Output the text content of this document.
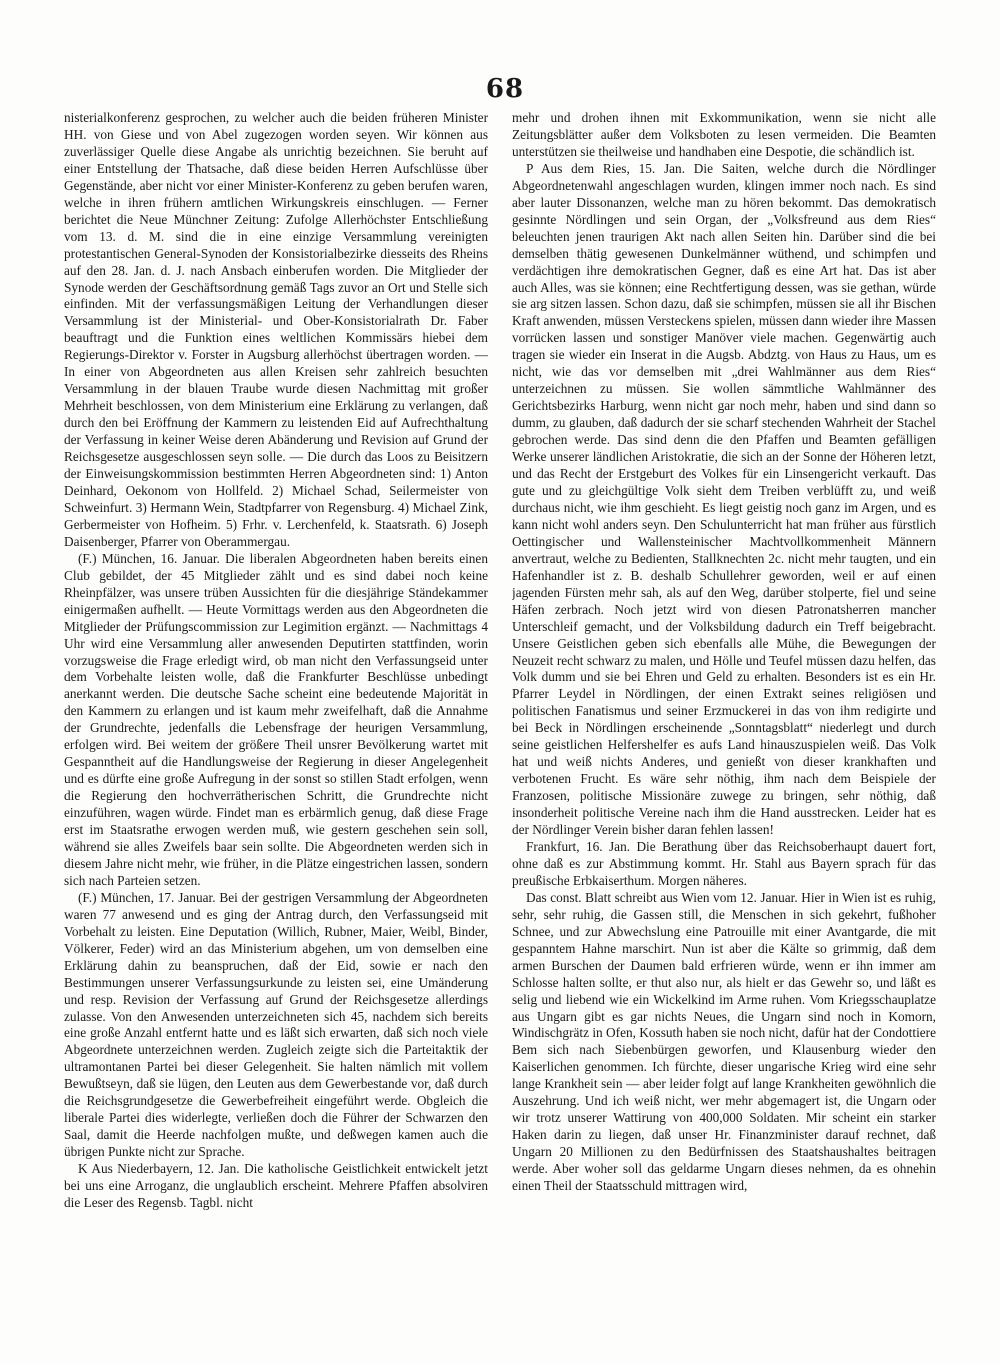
68

nisterialkonferenz gesprochen, zu welcher auch die beiden früheren Minister HH. von Giese und von Abel zugezogen worden seyen. Wir können aus zuverlässiger Quelle diese Angabe als unrichtig bezeichnen. Sie beruht auf einer Entstellung der Thatsache, daß diese beiden Herren Aufschlüsse über Gegenstände, aber nicht vor einer Minister-Konferenz zu geben berufen waren, welche in ihren frühern amtlichen Wirkungskreis einschlugen. — Ferner berichtet die Neue Münchner Zeitung: Zufolge Allerhöchster Entschließung vom 13. d. M. sind die in eine einzige Versammlung vereinigten protestantischen General-Synoden der Konsistorialbezirke diesseits des Rheins auf den 28. Jan. d. J. nach Ansbach einberufen worden. Die Mitglieder der Synode werden der Geschäftsordnung gemäß Tags zuvor an Ort und Stelle sich einfinden. Mit der verfassungsmäßigen Leitung der Verhandlungen dieser Versammlung ist der Ministerial- und Ober-Konsistorialrath Dr. Faber beauftragt und die Funktion eines weltlichen Kommissärs hiebei dem Regierungs-Direktor v. Forster in Augsburg allerhöchst übertragen worden. — In einer von Abgeordneten aus allen Kreisen sehr zahlreich besuchten Versammlung in der blauen Traube wurde diesen Nachmittag mit großer Mehrheit beschlossen, von dem Ministerium eine Erklärung zu verlangen, daß durch den bei Eröffnung der Kammern zu leistenden Eid auf Aufrechthaltung der Verfassung in keiner Weise deren Abänderung und Revision auf Grund der Reichsgesetze ausgeschlossen seyn solle. — Die durch das Loos zu Beisitzern der Einweisungskommission bestimmten Herren Abgeordneten sind: 1) Anton Deinhard, Oekonom von Hollfeld. 2) Michael Schad, Seilermeister von Schweinfurt. 3) Hermann Wein, Stadtpfarrer von Regensburg. 4) Michael Zink, Gerbermeister von Hofheim. 5) Frhr. v. Lerchenfeld, k. Staatsrath. 6) Joseph Daisenberger, Pfarrer von Oberammergau.

(F.) München, 16. Januar. Die liberalen Abgeordneten haben bereits einen Club gebildet, der 45 Mitglieder zählt und es sind dabei noch keine Rheinpfälzer, was unsere trüben Aussichten für die diesjährige Ständekammer einigermaßen aufhellt. — Heute Vormittags werden aus den Abgeordneten die Mitglieder der Prüfungscommission zur Legimition ergänzt. — Nachmittags 4 Uhr wird eine Versammlung aller anwesenden Deputirten stattfinden, worin vorzugsweise die Frage erledigt wird, ob man nicht den Verfassungseid unter dem Vorbehalte leisten wolle, daß die Frankfurter Beschlüsse unbedingt anerkannt werden. Die deutsche Sache scheint eine bedeutende Majorität in den Kammern zu erlangen und ist kaum mehr zweifelhaft, daß die Annahme der Grundrechte, jedenfalls die Lebensfrage der heurigen Versammlung, erfolgen wird. Bei weitem der größere Theil unsrer Bevölkerung wartet mit Gespanntheit auf die Handlungsweise der Regierung in dieser Angelegenheit und es dürfte eine große Aufregung in der sonst so stillen Stadt erfolgen, wenn die Regierung den hochverrätherischen Schritt, die Grundrechte nicht einzuführen, wagen würde. Findet man es erbärmlich genug, daß diese Frage erst im Staatsrathe erwogen werden muß, wie gestern geschehen sein soll, während sie alles Zweifels baar sein sollte. Die Abgeordneten werden sich in diesem Jahre nicht mehr, wie früher, in die Plätze eingestrichen lassen, sondern sich nach Parteien setzen.

(F.) München, 17. Januar. Bei der gestrigen Versammlung der Abgeordneten waren 77 anwesend und es ging der Antrag durch, den Verfassungseid mit Vorbehalt zu leisten. Eine Deputation (Willich, Rubner, Maier, Weibl, Binder, Völkerer, Feder) wird an das Ministerium abgehen, um von demselben eine Erklärung dahin zu beanspruchen, daß der Eid, sowie er nach den Bestimmungen unserer Verfassungsurkunde zu leisten sei, eine Umänderung und resp. Revision der Verfassung auf Grund der Reichsgesetze allerdings zulasse. Von den Anwesenden unterzeichneten sich 45, nachdem sich bereits eine große Anzahl entfernt hatte und es läßt sich erwarten, daß sich noch viele Abgeordnete unterzeichnen werden. Zugleich zeigte sich die Parteitaktik der ultramontanen Partei bei dieser Gelegenheit. Sie halten nämlich mit vollem Bewußtseyn, daß sie lügen, den Leuten aus dem Gewerbestande vor, daß durch die Reichsgrundgesetze die Gewerbefreiheit eingeführt werde. Obgleich die liberale Partei dies widerlegte, verließen doch die Führer der Schwarzen den Saal, damit die Heerde nachfolgen mußte, und deßwegen kamen auch die übrigen Punkte nicht zur Sprache.

K Aus Niederbayern, 12. Jan. Die katholische Geistlichkeit entwickelt jetzt bei uns eine Arroganz, die unglaublich erscheint. Mehrere Pfaffen absolviren die Leser des Regensb. Tagbl. nicht

mehr und drohen ihnen mit Exkommunikation, wenn sie nicht alle Zeitungsblätter außer dem Volksboten zu lesen vermeiden. Die Beamten unterstützen sie theilweise und handhaben eine Despotie, die schändlich ist.

P Aus dem Ries, 15. Jan. Die Saiten, welche durch die Nördlinger Abgeordnetenwahl angeschlagen wurden, klingen immer noch nach. Es sind aber lauter Dissonanzen, welche man zu hören bekommt. Das demokratisch gesinnte Nördlingen und sein Organ, der „Volksfreund aus dem Ries“ beleuchten jenen traurigen Akt nach allen Seiten hin. Darüber sind die bei demselben thätig gewesenen Dunkelmänner wüthend, und schimpfen und verdächtigen ihre demokratischen Gegner, daß es eine Art hat. Das ist aber auch Alles, was sie können; eine Rechtfertigung dessen, was sie gethan, würde sie arg sitzen lassen. Schon dazu, daß sie schimpfen, müssen sie all ihr Bischen Kraft anwenden, müssen Versteckens spielen, müssen dann wieder ihre Massen vorrücken lassen und sonstiger Manöver viele machen. Gegenwärtig auch tragen sie wieder ein Inserat in die Augsb. Abdztg. von Haus zu Haus, um es nicht, wie das vor demselben mit „drei Wahlmänner aus dem Ries“ unterzeichnen zu müssen. Sie wollen sämmtliche Wahlmänner des Gerichtsbezirks Harburg, wenn nicht gar noch mehr, haben und sind dann so dumm, zu glauben, daß dadurch der sie scharf stechenden Wahrheit der Stachel gebrochen werde. Das sind denn die den Pfaffen und Beamten gefälligen Werke unserer ländlichen Aristokratie, die sich an der Sonne der Höheren letzt, und das Recht der Erstgeburt des Volkes für ein Linsengericht verkauft. Das gute und zu gleichgültige Volk sieht dem Treiben verblüfft zu, und weiß durchaus nicht, wie ihm geschieht. Es liegt geistig noch ganz im Argen, und es kann nicht wohl anders seyn. Den Schulunterricht hat man früher aus fürstlich Oettingischer und Wallensteinischer Machtvollkommenheit Männern anvertraut, welche zu Bedienten, Stallknechten 2c. nicht mehr taugten, und ein Hafenhandler ist z. B. deshalb Schullehrer geworden, weil er auf einen jagenden Fürsten mehr sah, als auf den Weg, darüber stolperte, fiel und seine Häfen zerbrach. Noch jetzt wird von diesen Patronatsherren mancher Unterschleif gemacht, und der Volksbildung dadurch ein Treff beigebracht. Unsere Geistlichen geben sich ebenfalls alle Mühe, die Bewegungen der Neuzeit recht schwarz zu malen, und Hölle und Teufel müssen dazu helfen, das Volk dumm und sie bei Ehren und Geld zu erhalten. Besonders ist es ein Hr. Pfarrer Leydel in Nördlingen, der einen Extrakt seines religiösen und politischen Fanatismus und seiner Erzmuckerei in das von ihm redigirte und bei Beck in Nördlingen erscheinende „Sonntagsblatt“ niederlegt und durch seine geistlichen Helfershelfer es aufs Land hinauszuspielen weiß. Das Volk hat und weiß nichts Anderes, und genießt von dieser krankhaften und verbotenen Frucht. Es wäre sehr nöthig, ihm nach dem Beispiele der Franzosen, politische Missionäre zuwege zu bringen, sehr nöthig, daß insonderheit politische Vereine nach ihm die Hand ausstrecken. Leider hat es der Nördlinger Verein bisher daran fehlen lassen!

Frankfurt, 16. Jan. Die Berathung über das Reichsoberhaupt dauert fort, ohne daß es zur Abstimmung kommt. Hr. Stahl aus Bayern sprach für das preußische Erbkaiserthum. Morgen näheres.

Das const. Blatt schreibt aus Wien vom 12. Januar. Hier in Wien ist es ruhig, sehr, sehr ruhig, die Gassen still, die Menschen in sich gekehrt, fußhoher Schnee, und zur Abwechslung eine Patrouille mit einer Avantgarde, die mit gespanntem Hahne marschirt. Nun ist aber die Kälte so grimmig, daß dem armen Burschen der Daumen bald erfrieren würde, wenn er ihn immer am Schlosse halten sollte, er thut also nur, als hielt er das Gewehr so, und läßt es selig und liebend wie ein Wickelkind im Arme ruhen. Vom Kriegsschauplatze aus Ungarn gibt es gar nichts Neues, die Ungarn sind noch in Komorn, Windischgrätz in Ofen, Kossuth haben sie noch nicht, dafür hat der Condottiere Bem sich nach Siebenbürgen geworfen, und Klausenburg wieder den Kaiserlichen genommen. Ich fürchte, dieser ungarische Krieg wird eine sehr lange Krankheit sein — aber leider folgt auf lange Krankheiten gewöhnlich die Auszehrung. Und ich weiß nicht, wer mehr abgemagert ist, die Ungarn oder wir trotz unserer Wattirung von 400,000 Soldaten. Mir scheint ein starker Haken darin zu liegen, daß unser Hr. Finanzminister darauf rechnet, daß Ungarn 20 Millionen zu den Bedürfnissen des Staatshaushaltes beitragen werde. Aber woher soll das geldarme Ungarn dieses nehmen, da es ohnehin einen Theil der Staatsschuld mittragen wird,
